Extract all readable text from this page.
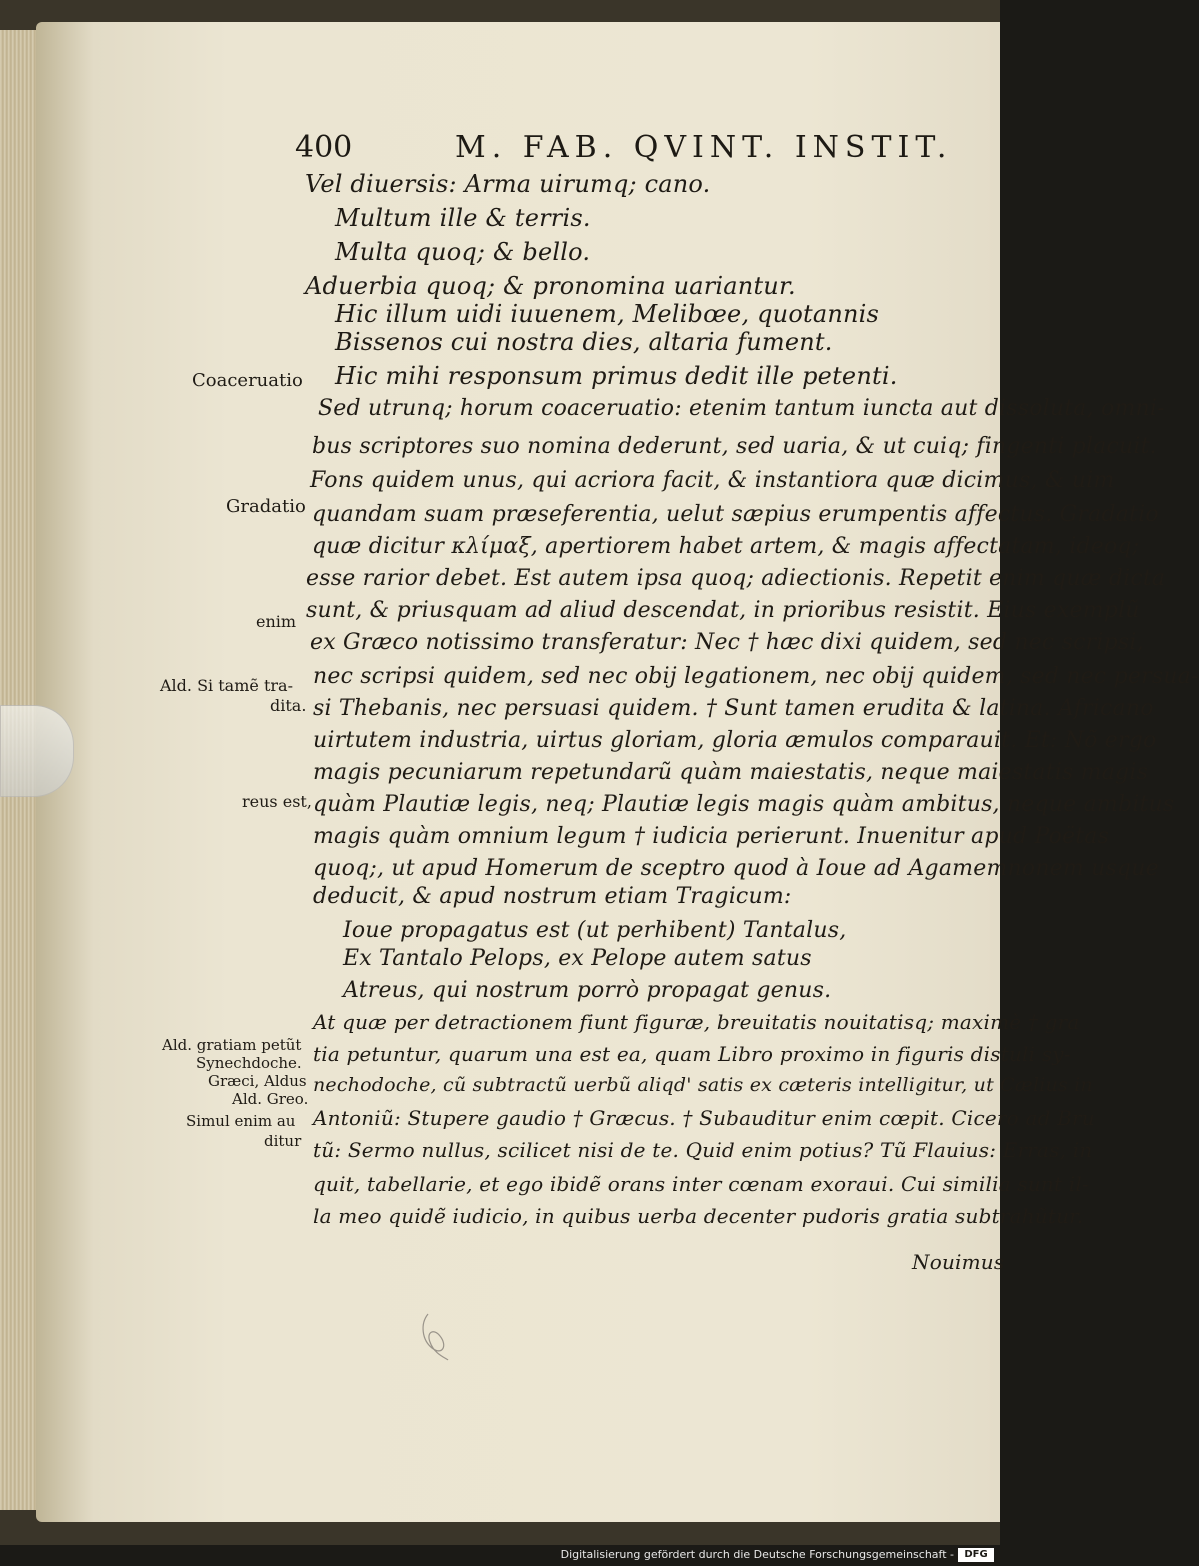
400	M. FAB. QVINT. INSTIT.
Vel diuersis: Arma uirumq; cano.
Multum ille & terris.
Multa quoq; & bello.
Aduerbia quoq; & pronomina uariantur.
Hic illum uidi iuuenem, Melibœe, quotannis
Bissenos cui nostra dies, altaria fument.
Hic mihi responsum primus dedit ille petenti.
Sed utrunq; horum coaceruatio: etenim tantum iuncta aut dissoluta, omni-
bus scriptores suo nomina dederunt, sed uaria, & ut cuiq; fingenti placuit.
Fons quidem unus, qui acriora facit, & instantiora quæ dicimus, & uim
quandam suam præseferentia, uelut sæpius erumpentis affectus. Gradatio
quæ dicitur κλίμαξ, apertiorem habet artem, & magis affectatam, ideoq;
esse rarior debet. Est autem ipsa quoq; adiectionis. Repetit enim quæ dicta
sunt, & priusquam ad aliud descendat, in prioribus resistit. Eius exemplũ
ex Græco notissimo transferatur: Nec † hæc dixi quidem, sed nec scripsi,
nec scripsi quidem, sed nec obij legationem, nec obij quidem, sed nec persua-
si Thebanis, nec persuasi quidem. † Sunt tamen erudita & latina. Africano
uirtutem industria, uirtus gloriam, gloria æmulos comparauit. Et: Nõ ergo
magis pecuniarum repetundarũ quàm maiestatis, neque maiestatis magis
quàm Plautiæ legis, neq; Plautiæ legis magis quàm ambitus, neque ambitus
magis quàm omnium legum † iudicia perierunt. Inuenitur apud Poëtas
quoq;, ut apud Homerum de sceptro quod à Ioue ad Agamemnonem usque
deducit, & apud nostrum etiam Tragicum:
Ioue propagatus est (ut perhibent) Tantalus,
Ex Tantalo Pelops, ex Pelope autem satus
Atreus, qui nostrum porrò propagat genus.
At quæ per detractionem fiunt figuræ, breuitatis nouitatisq; maximè † gra
tia petuntur, quarum una est ea, quam Libro proximo in figuris distuli sy-
nechodoche, cũ subtractũ uerbũ aliqd' satis ex cæteris intelligitur, ut Cælius in
Antoniũ: Stupere gaudio † Græcus. † Subauditur enim cœpit. Cicero ad Bru
tũ: Sermo nullus, scilicet nisi de te. Quid enim potius? Tũ Flauius: Erras, in
quit, tabellarie, et ego ibidẽ orans inter cœnam exoraui. Cui similia sunt il-
la meo quidẽ iudicio, in quibus uerba decenter pudoris gratia subtrahũtur.
Nouimus
Coaceruatio
Gradatio
enim
Ald. Si tamẽ tra-
dita.
reus est,
Ald. gratiam petũt
Synechdoche.
Græci, Aldus
Ald. Greo.
Simul enim au
ditur
Digitalisierung gefördert durch die Deutsche Forschungsgemeinschaft -	DFG
